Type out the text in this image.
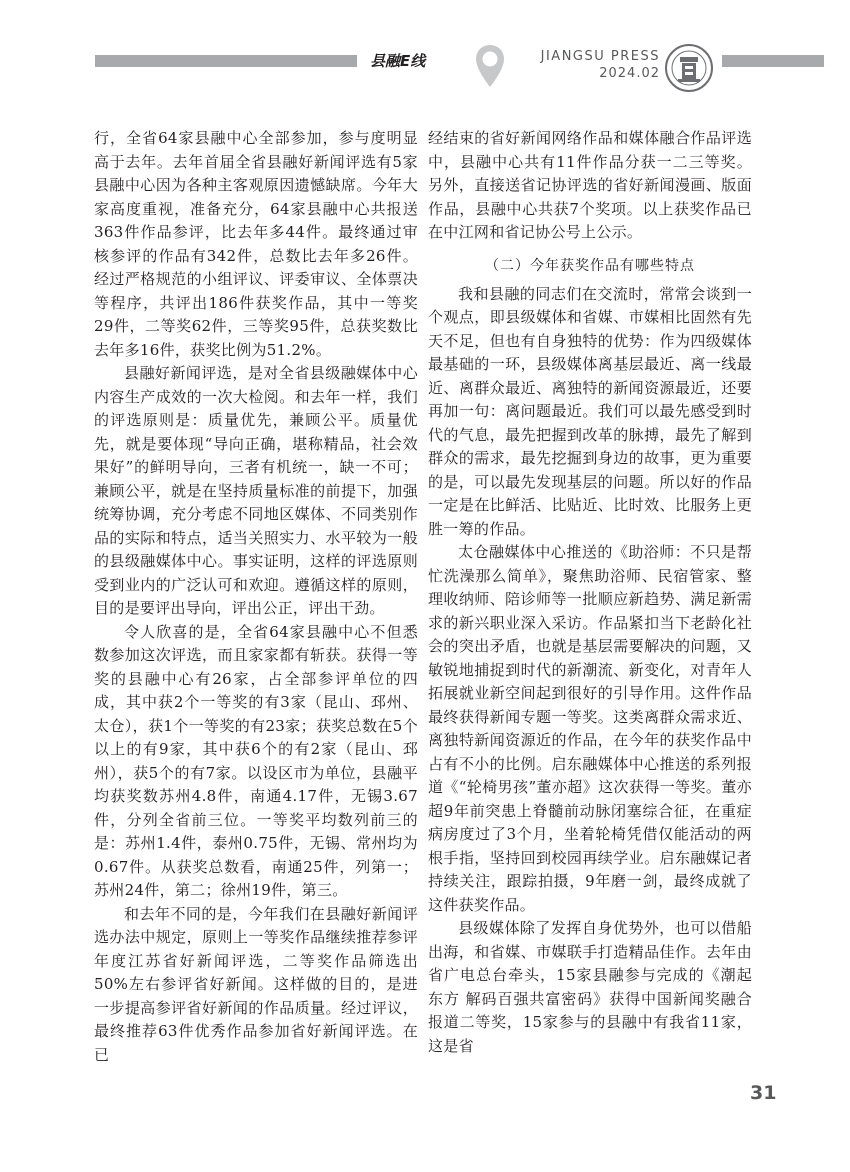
县融E线	JIANGSU PRESS
2024.02

行，全省64家县融中心全部参加，参与度明显高于去年。去年首届全省县融好新闻评选有5家县融中心因为各种主客观原因遗憾缺席。今年大家高度重视，准备充分，64家县融中心共报送363件作品参评，比去年多44件。最终通过审核参评的作品有342件，总数比去年多26件。经过严格规范的小组评议、评委审议、全体票决等程序，共评出186件获奖作品，其中一等奖29件，二等奖62件，三等奖95件，总获奖数比去年多16件，获奖比例为51.2%。

县融好新闻评选，是对全省县级融媒体中心内容生产成效的一次大检阅。和去年一样，我们的评选原则是：质量优先，兼顾公平。质量优先，就是要体现“导向正确，堪称精品，社会效果好”的鲜明导向，三者有机统一，缺一不可；兼顾公平，就是在坚持质量标准的前提下，加强统筹协调，充分考虑不同地区媒体、不同类别作品的实际和特点，适当关照实力、水平较为一般的县级融媒体中心。事实证明，这样的评选原则受到业内的广泛认可和欢迎。遵循这样的原则，目的是要评出导向，评出公正，评出干劲。

令人欣喜的是，全省64家县融中心不但悉数参加这次评选，而且家家都有斩获。获得一等奖的县融中心有26家，占全部参评单位的四成，其中获2个一等奖的有3家（昆山、邳州、太仓），获1个一等奖的有23家；获奖总数在5个以上的有9家，其中获6个的有2家（昆山、邳州），获5个的有7家。以设区市为单位，县融平均获奖数苏州4.8件，南通4.17件，无锡3.67件，分列全省前三位。一等奖平均数列前三的是：苏州1.4件，泰州0.75件，无锡、常州均为0.67件。从获奖总数看，南通25件，列第一；苏州24件，第二；徐州19件，第三。

和去年不同的是，今年我们在县融好新闻评选办法中规定，原则上一等奖作品继续推荐参评年度江苏省好新闻评选，二等奖作品筛选出50%左右参评省好新闻。这样做的目的，是进一步提高参评省好新闻的作品质量。经过评议，最终推荐63件优秀作品参加省好新闻评选。在已

经结束的省好新闻网络作品和媒体融合作品评选中，县融中心共有11件作品分获一二三等奖。另外，直接送省记协评选的省好新闻漫画、版面作品，县融中心共获7个奖项。以上获奖作品已在中江网和省记协公号上公示。

（二）今年获奖作品有哪些特点

我和县融的同志们在交流时，常常会谈到一个观点，即县级媒体和省媒、市媒相比固然有先天不足，但也有自身独特的优势：作为四级媒体最基础的一环，县级媒体离基层最近、离一线最近、离群众最近、离独特的新闻资源最近，还要再加一句：离问题最近。我们可以最先感受到时代的气息，最先把握到改革的脉搏，最先了解到群众的需求，最先挖掘到身边的故事，更为重要的是，可以最先发现基层的问题。所以好的作品一定是在比鲜活、比贴近、比时效、比服务上更胜一筹的作品。

太仓融媒体中心推送的《助浴师：不只是帮忙洗澡那么简单》，聚焦助浴师、民宿管家、整理收纳师、陪诊师等一批顺应新趋势、满足新需求的新兴职业深入采访。作品紧扣当下老龄化社会的突出矛盾，也就是基层需要解决的问题，又敏锐地捕捉到时代的新潮流、新变化，对青年人拓展就业新空间起到很好的引导作用。这件作品最终获得新闻专题一等奖。这类离群众需求近、离独特新闻资源近的作品，在今年的获奖作品中占有不小的比例。启东融媒体中心推送的系列报道《“轮椅男孩”董亦超》这次获得一等奖。董亦超9年前突患上脊髓前动脉闭塞综合征，在重症病房度过了3个月，坐着轮椅凭借仅能活动的两根手指，坚持回到校园再续学业。启东融媒记者持续关注，跟踪拍摄，9年磨一剑，最终成就了这件获奖作品。

县级媒体除了发挥自身优势外，也可以借船出海，和省媒、市媒联手打造精品佳作。去年由省广电总台牵头，15家县融参与完成的《潮起东方 解码百强共富密码》获得中国新闻奖融合报道二等奖，15家参与的县融中有我省11家，这是省

31
